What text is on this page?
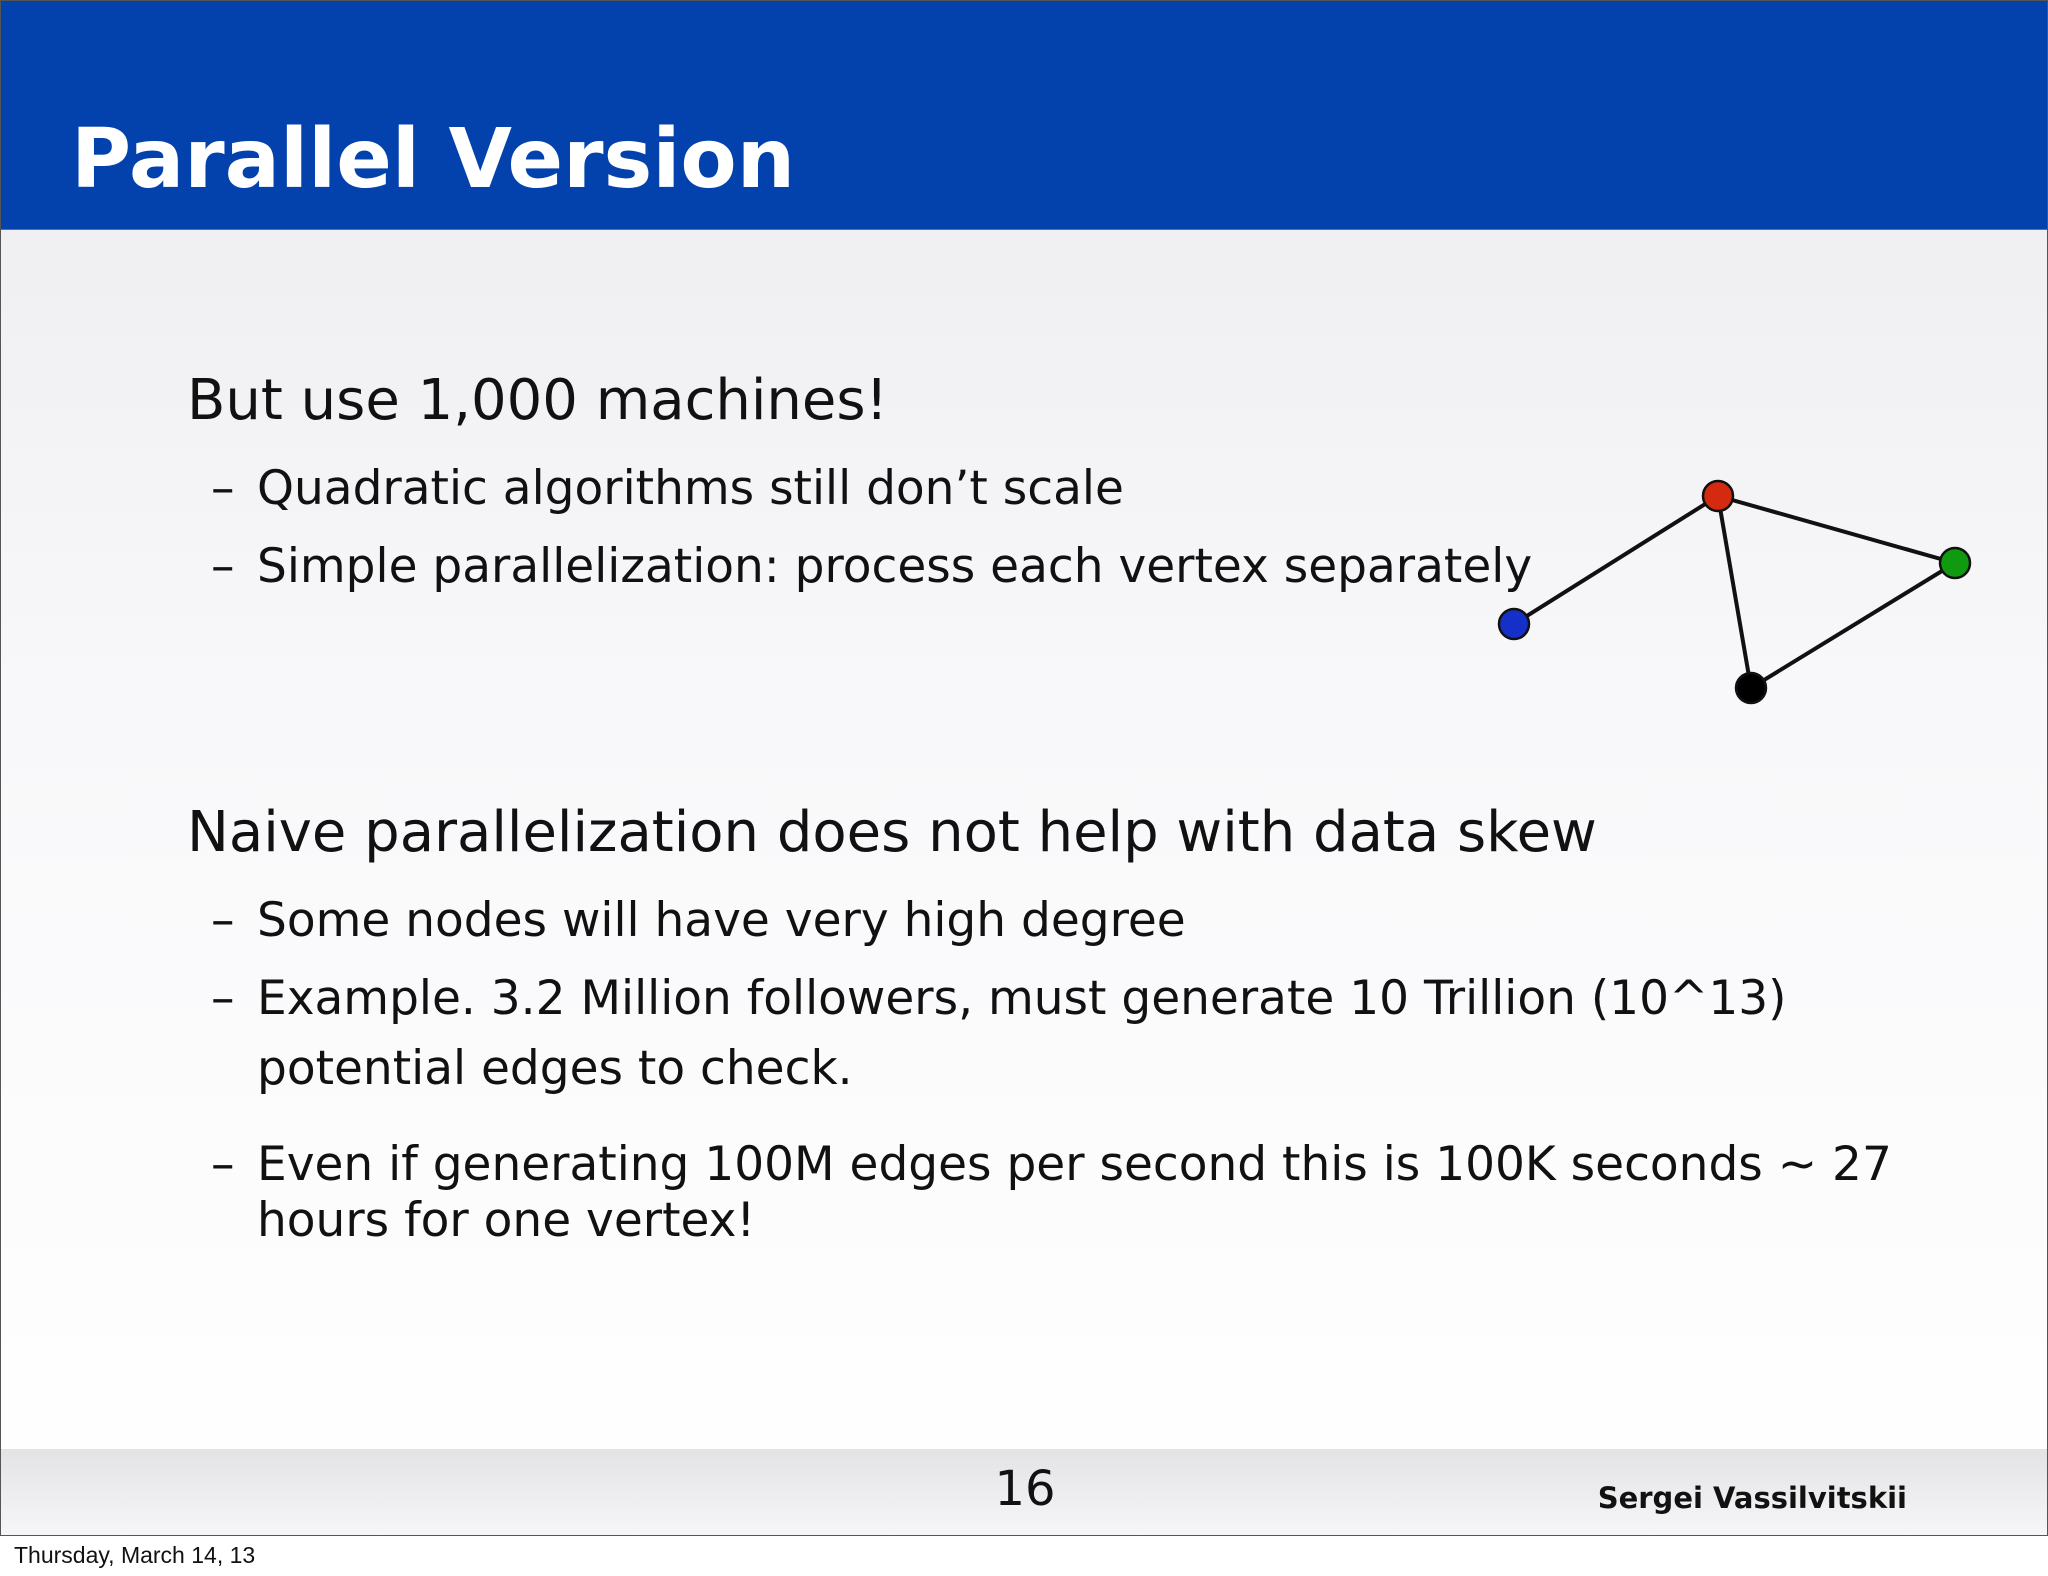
Parallel Version
But use 1,000 machines!
– Quadratic algorithms still don’t scale
– Simple parallelization: process each vertex separately
Naive parallelization does not help with data skew
– Some nodes will have very high degree
– Example. 3.2 Million followers, must generate 10 Trillion (10^13)
potential edges to check.
– Even if generating 100M edges per second this is 100K seconds ~ 27
hours for one vertex!
16	Sergei Vassilvitskii
Thursday, March 14, 13
